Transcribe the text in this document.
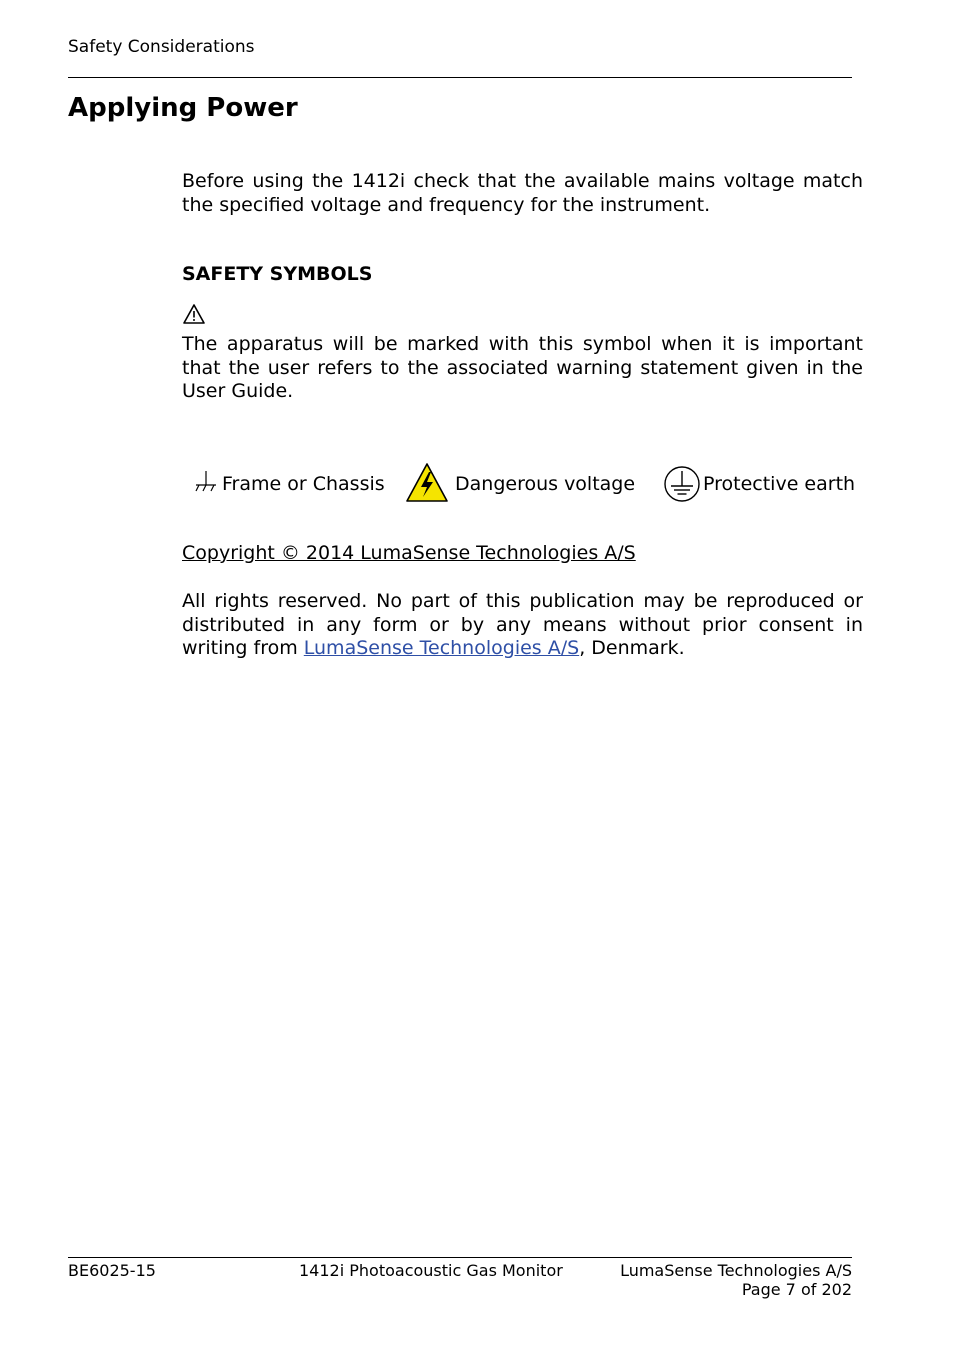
Safety Considerations
Applying Power

Before using the 1412i check that the available mains voltage match the specified voltage and frequency for the instrument.

SAFETY SYMBOLS

The apparatus will be marked with this symbol when it is important that the user refers to the associated warning statement given in the User Guide.

Frame or Chassis	Dangerous voltage	Protective earth

Copyright © 2014 LumaSense Technologies A/S

All rights reserved. No part of this publication may be reproduced or distributed in any form or by any means without prior consent in writing from LumaSense Technologies A/S, Denmark.

BE6025-15	1412i Photoacoustic Gas Monitor	LumaSense Technologies A/S
Page 7 of 202
